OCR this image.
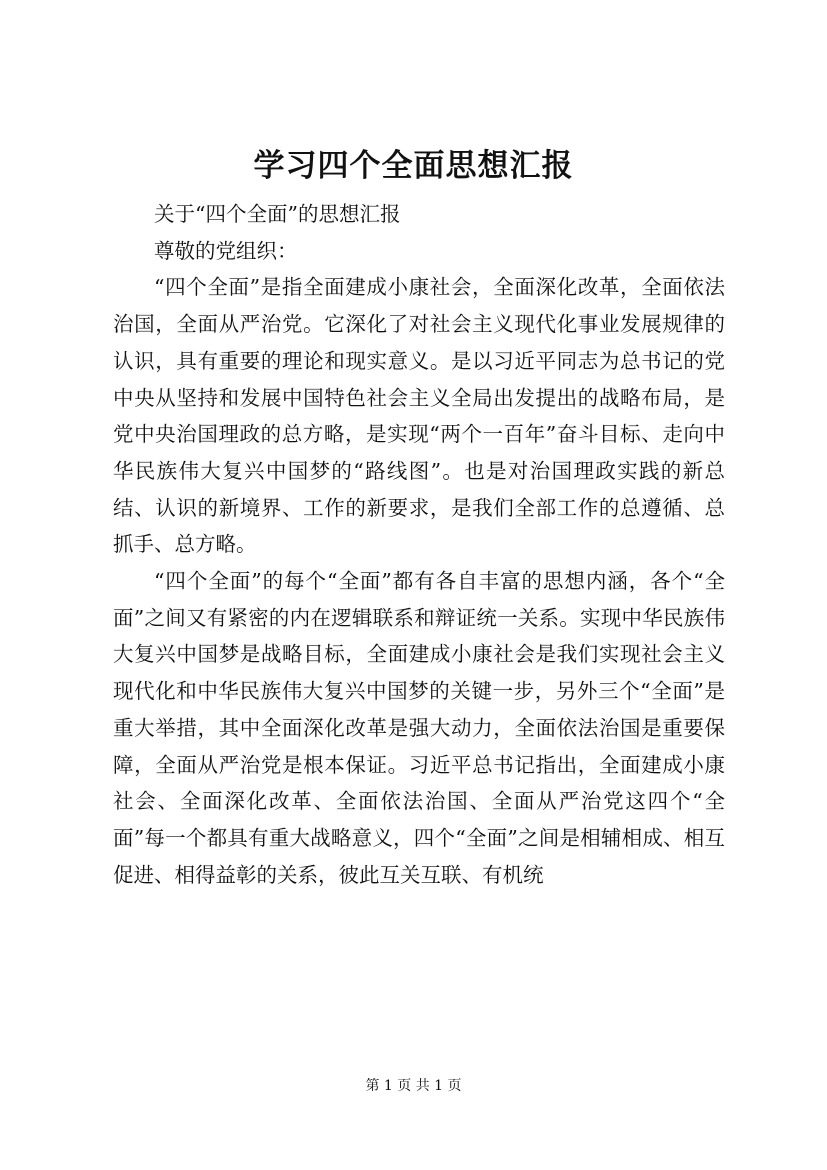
学习四个全面思想汇报

关于“四个全面”的思想汇报

尊敬的党组织：

“四个全面”是指全面建成小康社会，全面深化改革，全面依法治国，全面从严治党。它深化了对社会主义现代化事业发展规律的认识，具有重要的理论和现实意义。是以习近平同志为总书记的党中央从坚持和发展中国特色社会主义全局出发提出的战略布局，是党中央治国理政的总方略，是实现“两个一百年”奋斗目标、走向中华民族伟大复兴中国梦的“路线图”。也是对治国理政实践的新总结、认识的新境界、工作的新要求，是我们全部工作的总遵循、总抓手、总方略。

“四个全面”的每个“全面”都有各自丰富的思想内涵，各个“全面”之间又有紧密的内在逻辑联系和辩证统一关系。实现中华民族伟大复兴中国梦是战略目标，全面建成小康社会是我们实现社会主义现代化和中华民族伟大复兴中国梦的关键一步，另外三个“全面”是重大举措，其中全面深化改革是强大动力，全面依法治国是重要保障，全面从严治党是根本保证。习近平总书记指出，全面建成小康社会、全面深化改革、全面依法治国、全面从严治党这四个“全面”每一个都具有重大战略意义，四个“全面”之间是相辅相成、相互促进、相得益彰的关系，彼此互关互联、有机统

第 1 页 共 1 页
